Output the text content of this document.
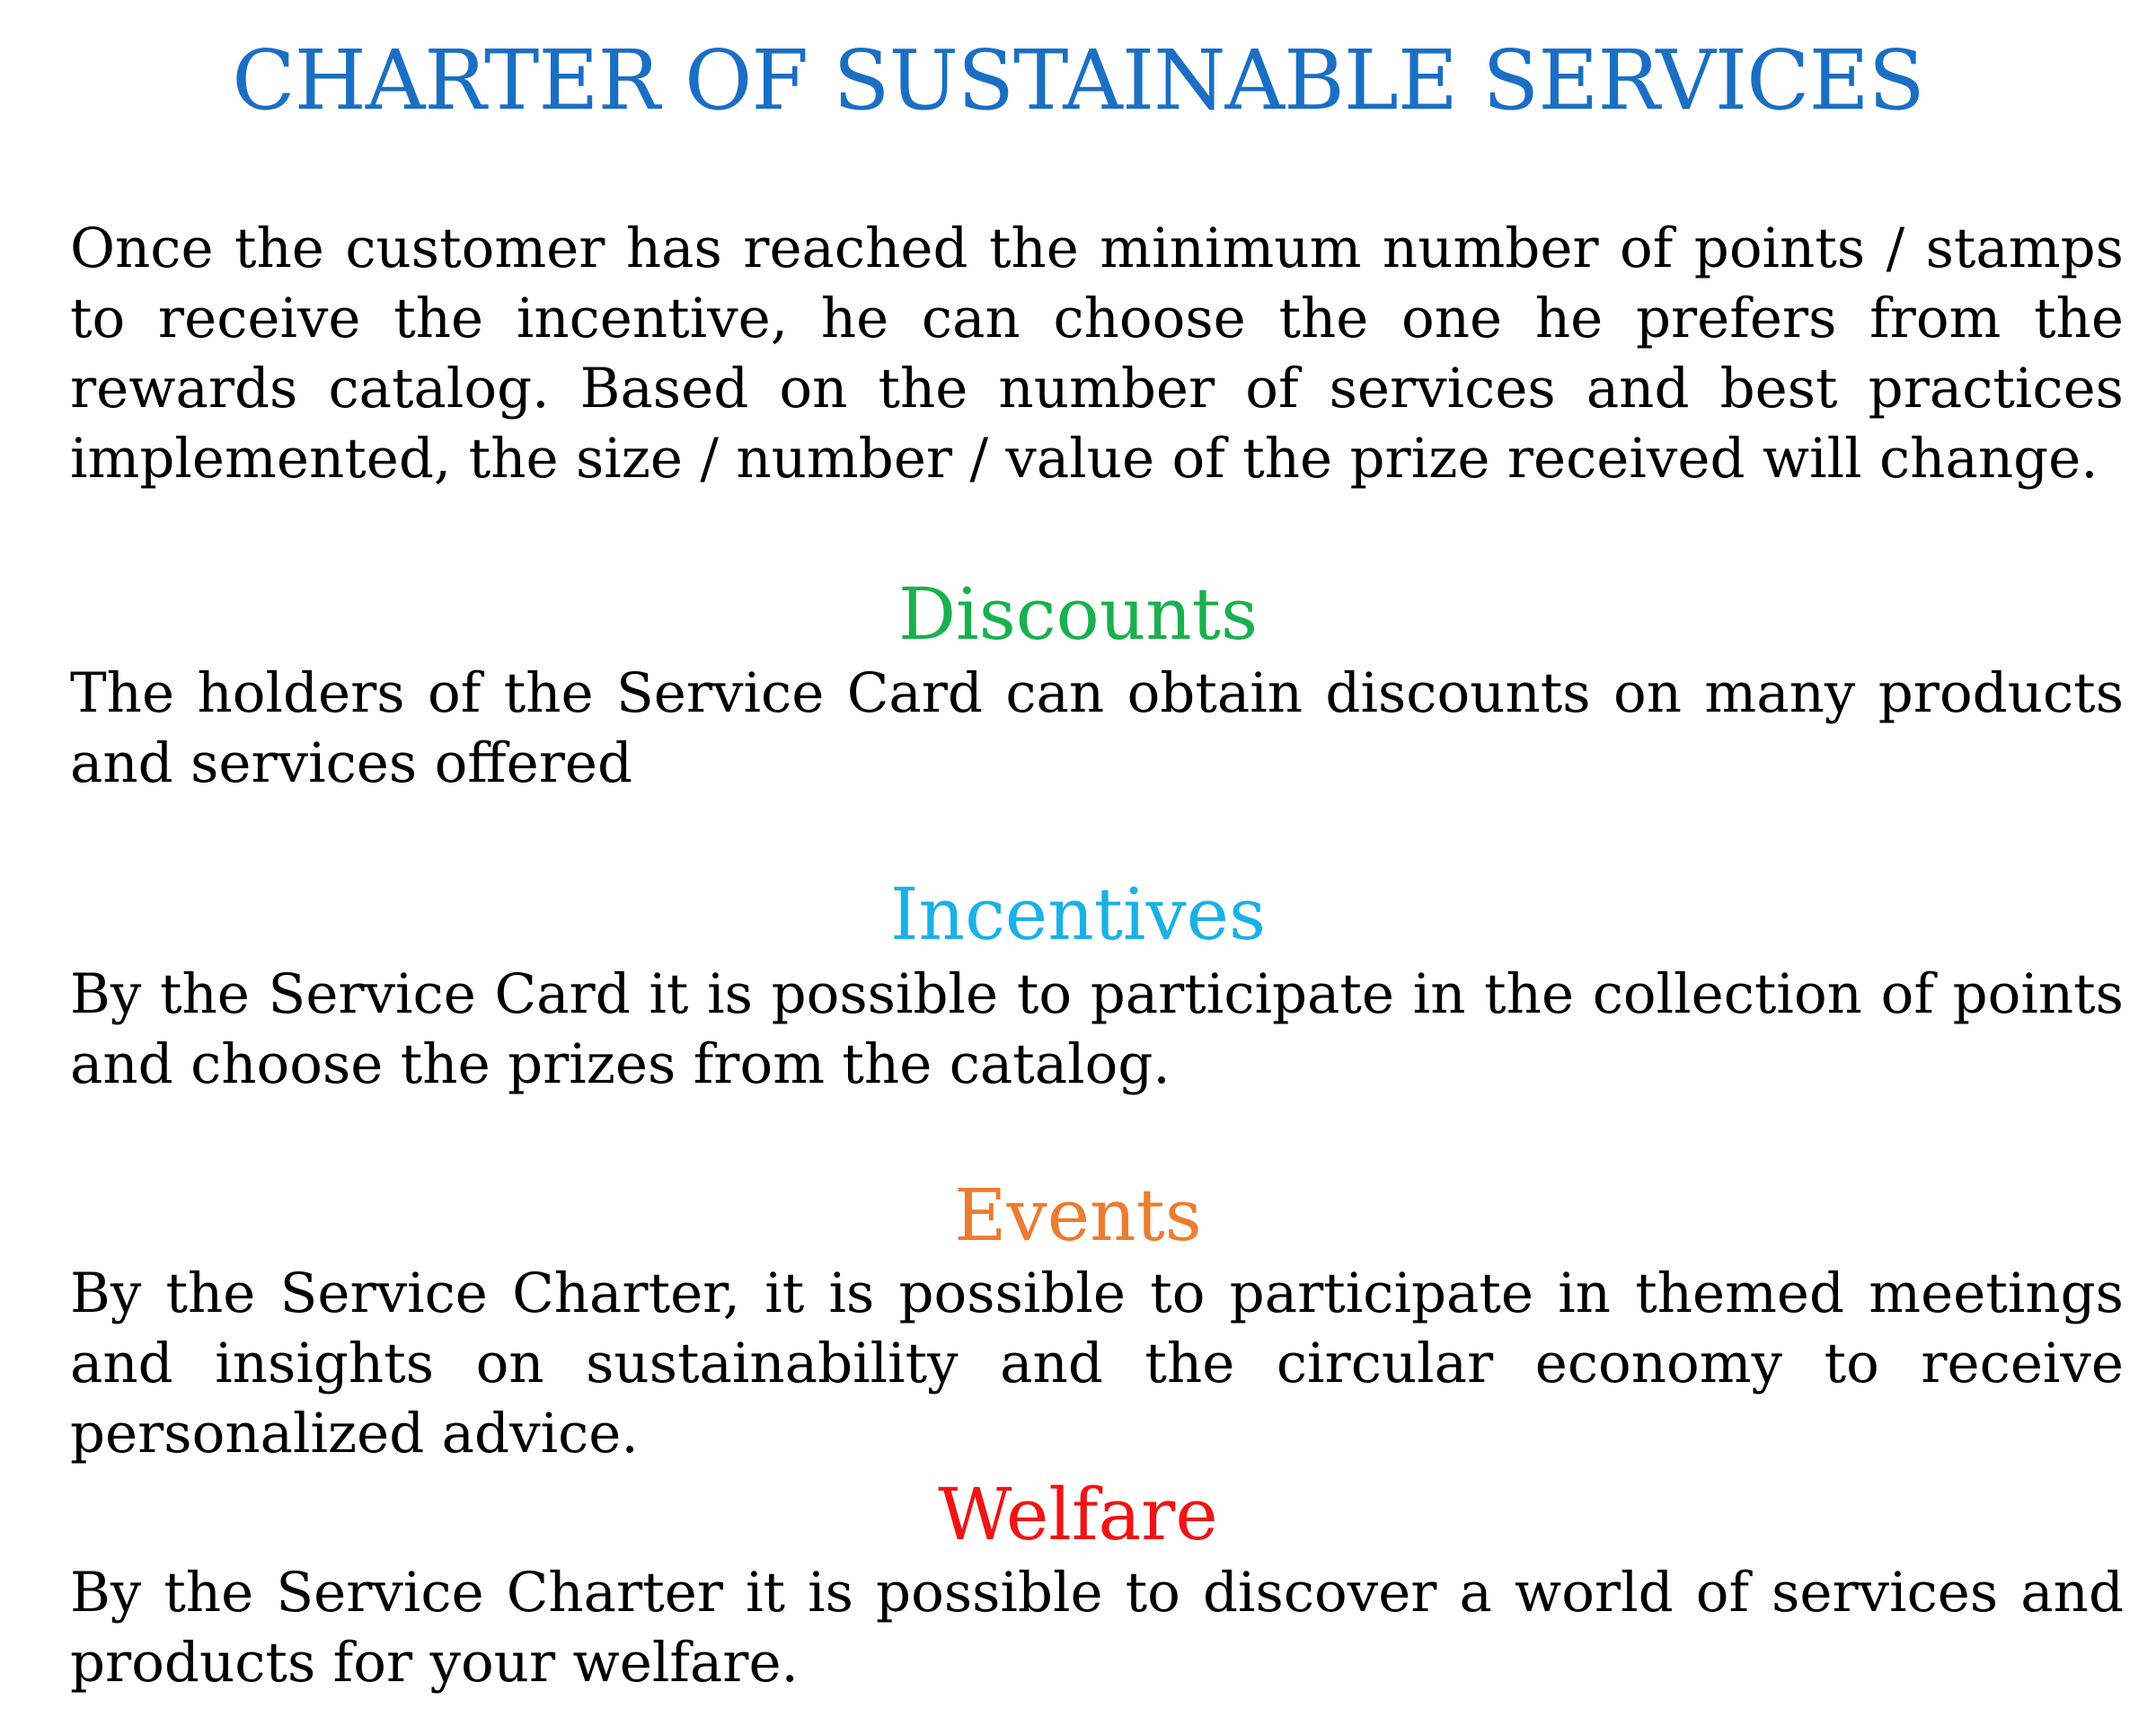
CHARTER OF SUSTAINABLE SERVICES

Once the customer has reached the minimum number of points / stamps to receive the incentive, he can choose the one he prefers from the rewards catalog. Based on the number of services and best practices implemented, the size / number / value of the prize received will change.

Discounts

The holders of the Service Card can obtain discounts on many products and services offered

Incentives

By the Service Card it is possible to participate in the collection of points and choose the prizes from the catalog.

Events

By the Service Charter, it is possible to participate in themed meetings and insights on sustainability and the circular economy to receive personalized advice.

Welfare

By the Service Charter it is possible to discover a world of services and products for your welfare.
